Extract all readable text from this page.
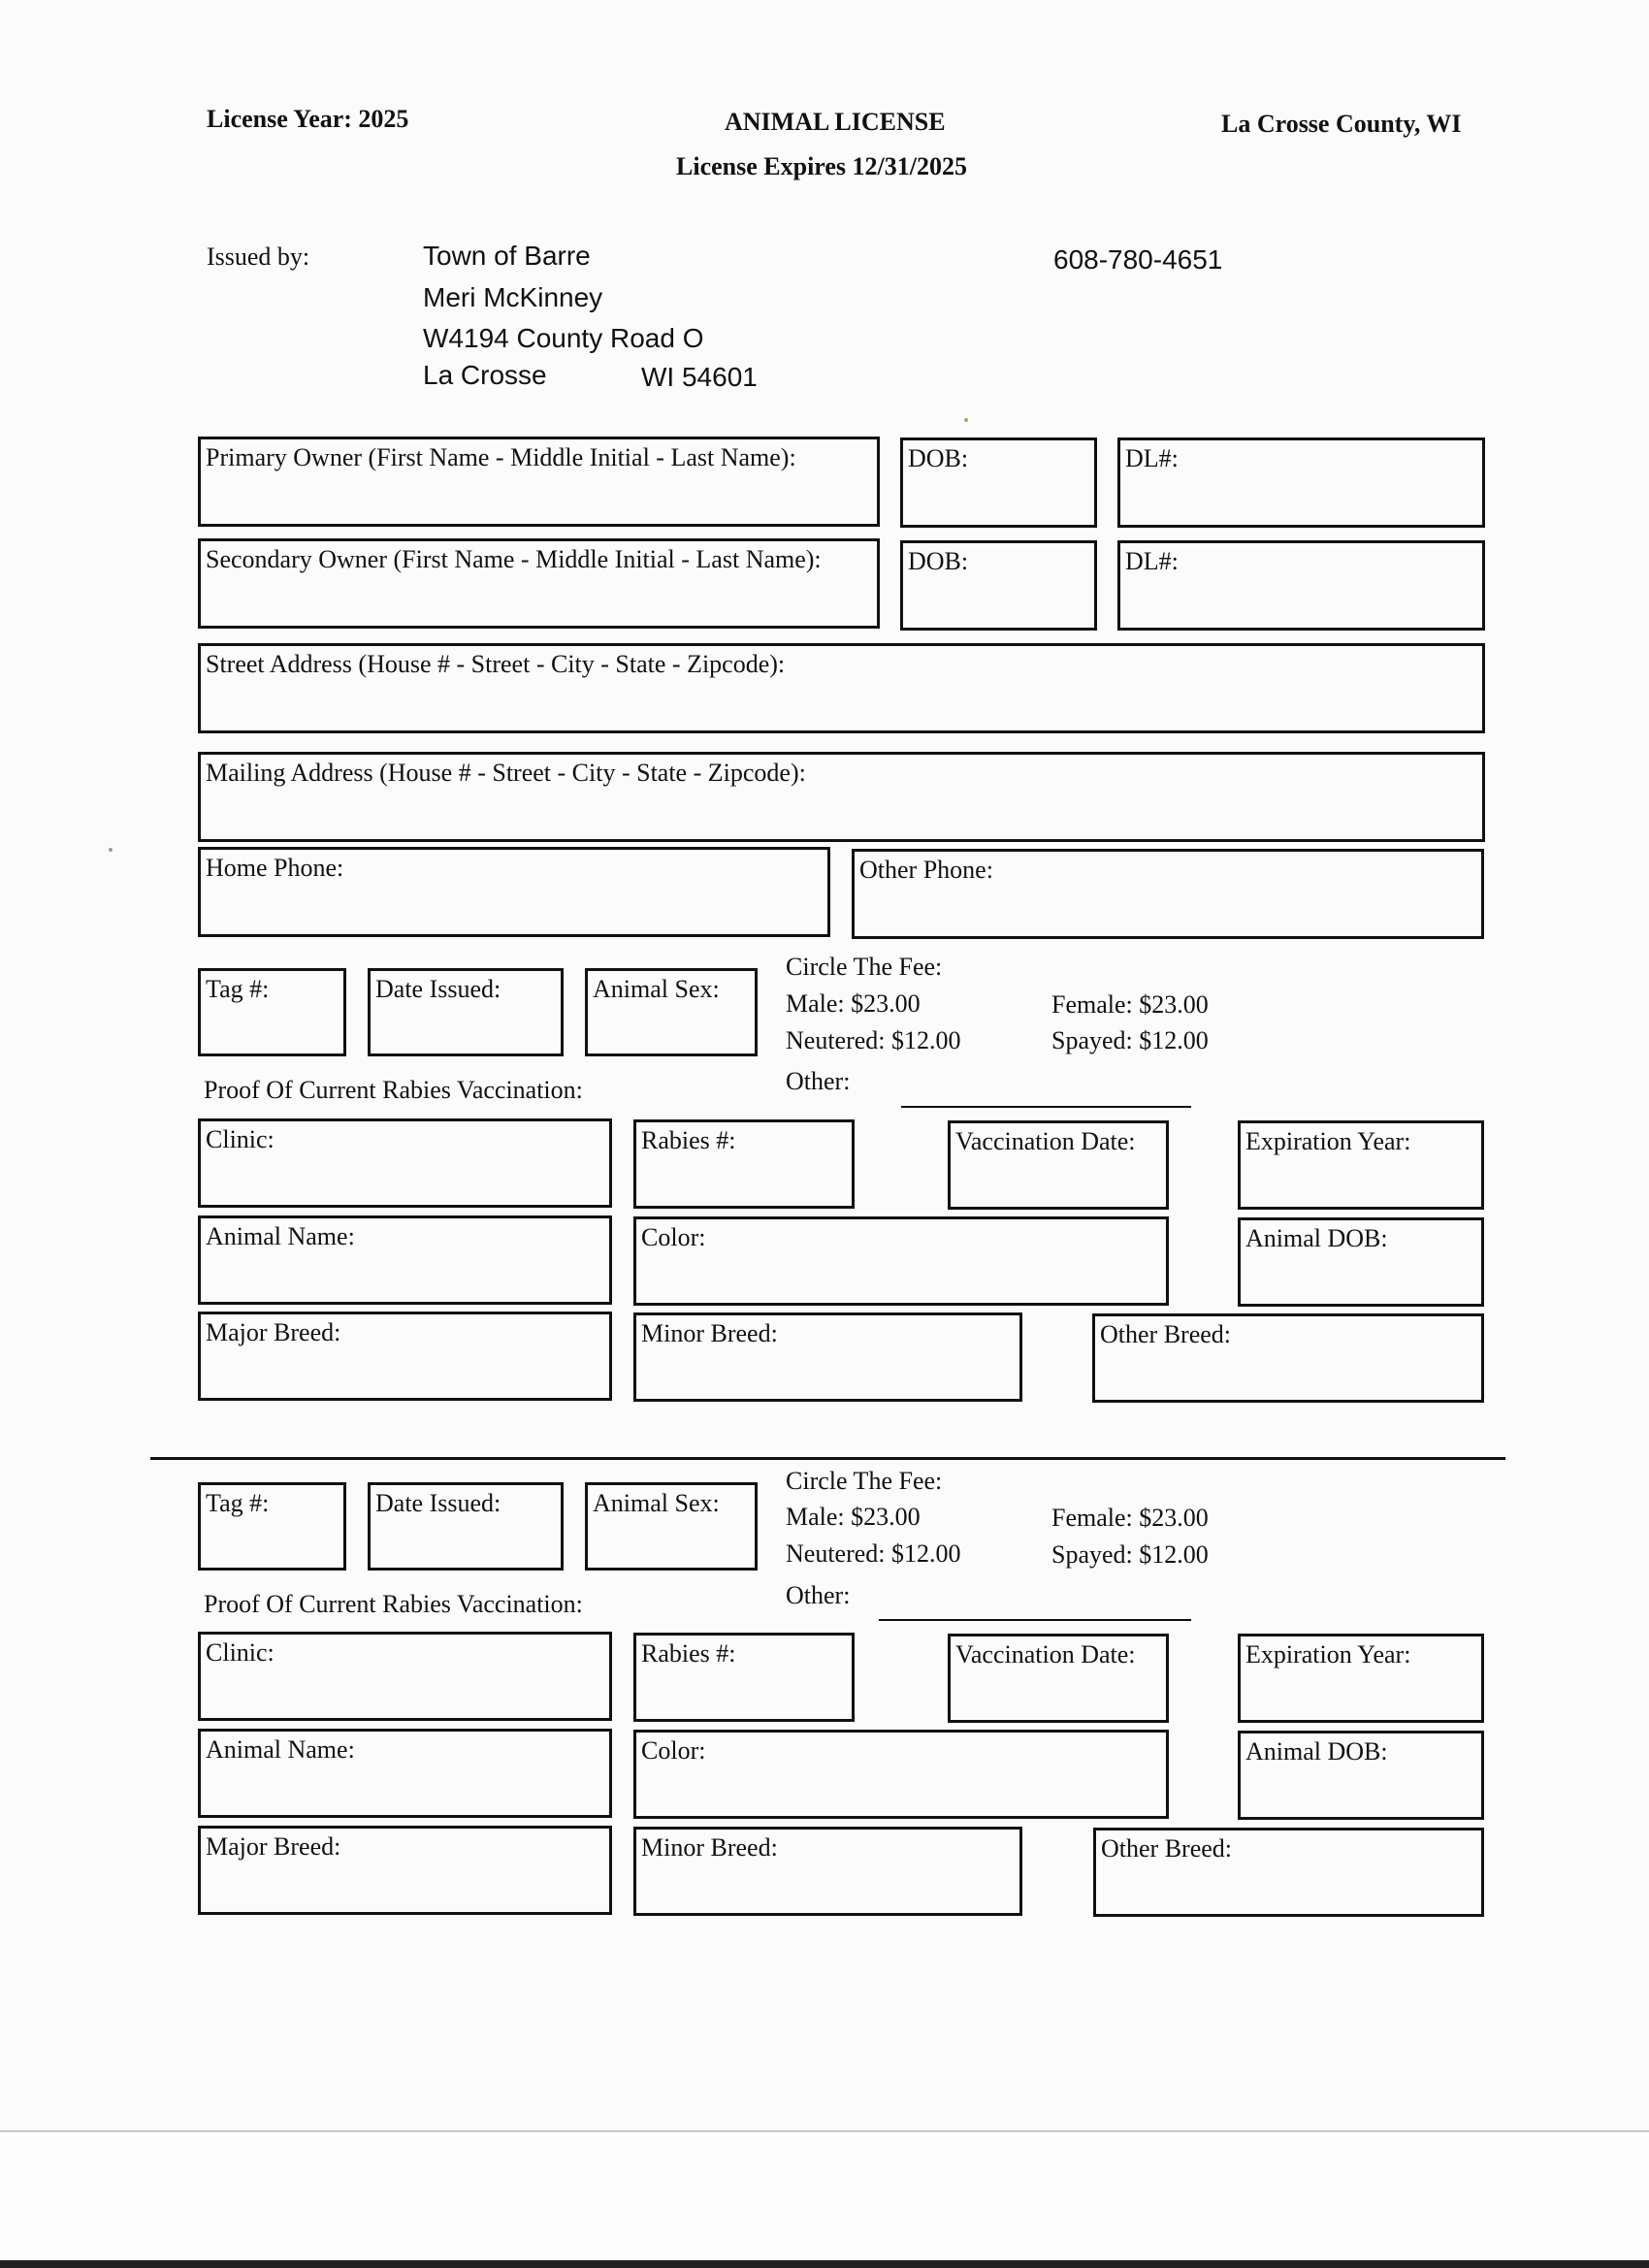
License Year: 2025	ANIMAL LICENSE
License Expires 12/31/2025
La Crosse County, WI
Issued by:	Town of Barre
Meri McKinney
W4194 County Road O
La Crosse	WI 54601
608-780-4651
Primary Owner (First Name - Middle Initial - Last Name):	DOB:	DL#:
Secondary Owner (First Name - Middle Initial - Last Name):	DOB:	DL#:
Street Address (House # - Street - City - State - Zipcode):
Mailing Address (House # - Street - City - State - Zipcode):
Home Phone:	Other Phone:
Tag #:	Date Issued:	Animal Sex:
Circle The Fee:
Male: $23.00	Female: $23.00
Neutered: $12.00	Spayed: $12.00
Other:
Proof Of Current Rabies Vaccination:
Clinic:	Rabies #:	Vaccination Date:	Expiration Year:
Animal Name:	Color:	Animal DOB:
Major Breed:	Minor Breed:	Other Breed:
Tag #:	Date Issued:	Animal Sex:
Circle The Fee:
Male: $23.00	Female: $23.00
Neutered: $12.00	Spayed: $12.00
Other:
Proof Of Current Rabies Vaccination:
Clinic:	Rabies #:	Vaccination Date:	Expiration Year:
Animal Name:	Color:	Animal DOB:
Major Breed:	Minor Breed:	Other Breed:
